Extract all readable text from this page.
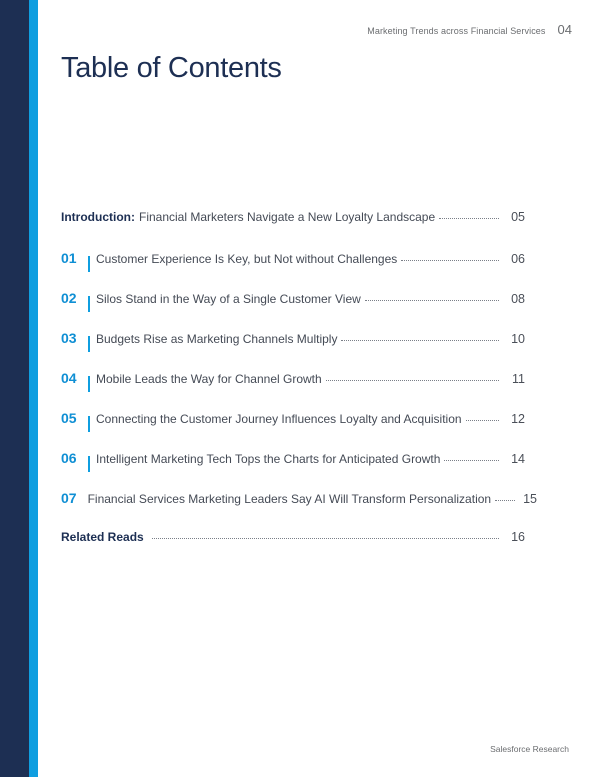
Marketing Trends across Financial Services 04
Table of Contents
Introduction: Financial Marketers Navigate a New Loyalty Landscape	05
01	Customer Experience Is Key, but Not without Challenges	06
02	Silos Stand in the Way of a Single Customer View	08
03	Budgets Rise as Marketing Channels Multiply	10
04	Mobile Leads the Way for Channel Growth	11
05	Connecting the Customer Journey Influences Loyalty and Acquisition	12
06	Intelligent Marketing Tech Tops the Charts for Anticipated Growth	14
07 Financial Services Marketing Leaders Say AI Will Transform Personalization	15
Related Reads	16
Salesforce Research
